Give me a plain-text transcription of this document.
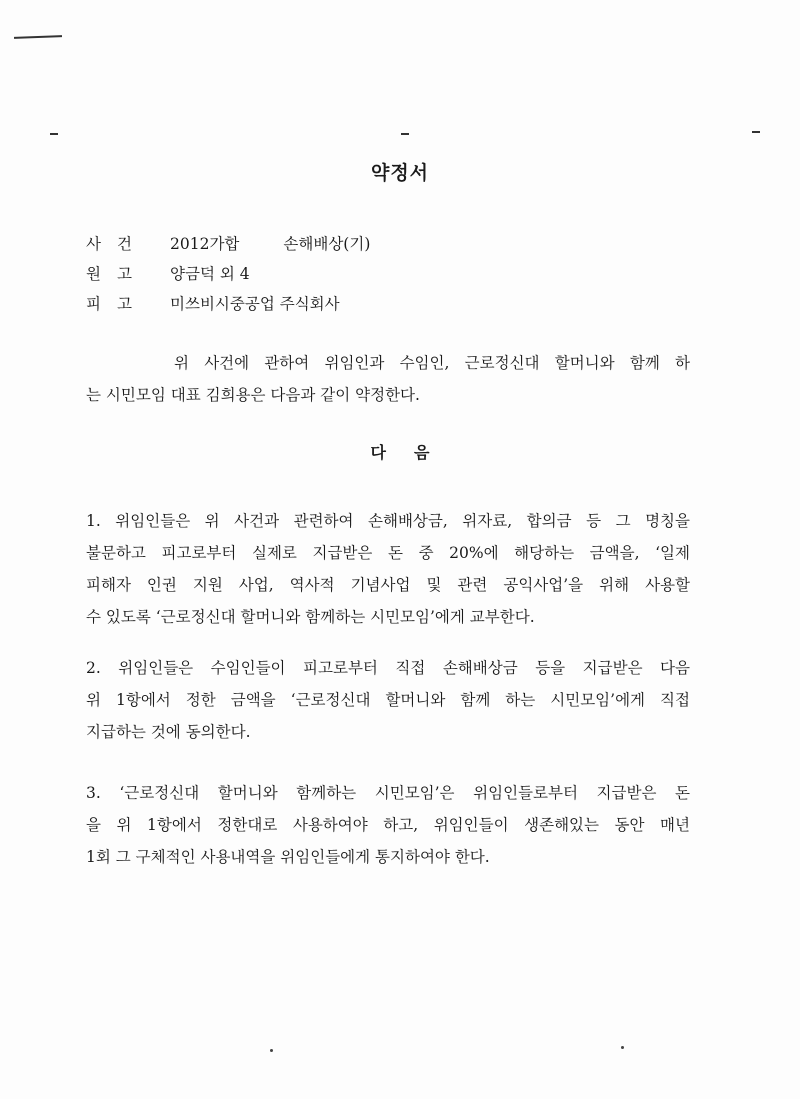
약정서
사 건	2012가합	손해배상(기)
원 고	양금덕 외 4
피 고	미쓰비시중공업 주식회사
위 사건에 관하여 위임인과 수임인, 근로정신대 할머니와 함께 하
는 시민모임 대표 김희용은 다음과 같이 약정한다.
다 음
1. 위임인들은 위 사건과 관련하여 손해배상금, 위자료, 합의금 등 그 명칭을
불문하고 피고로부터 실제로 지급받은 돈 중 20%에 해당하는 금액을, ‘일제
피해자 인권 지원 사업, 역사적 기념사업 및 관련 공익사업’을 위해 사용할
수 있도록 ‘근로정신대 할머니와 함께하는 시민모임’에게 교부한다.
2. 위임인들은 수임인들이 피고로부터 직접 손해배상금 등을 지급받은 다음
위 1항에서 정한 금액을 ‘근로정신대 할머니와 함께 하는 시민모임’에게 직접
지급하는 것에 동의한다.
3. ‘근로정신대 할머니와 함께하는 시민모임’은 위임인들로부터 지급받은 돈
을 위 1항에서 정한대로 사용하여야 하고, 위임인들이 생존해있는 동안 매년
1회 그 구체적인 사용내역을 위임인들에게 통지하여야 한다.
